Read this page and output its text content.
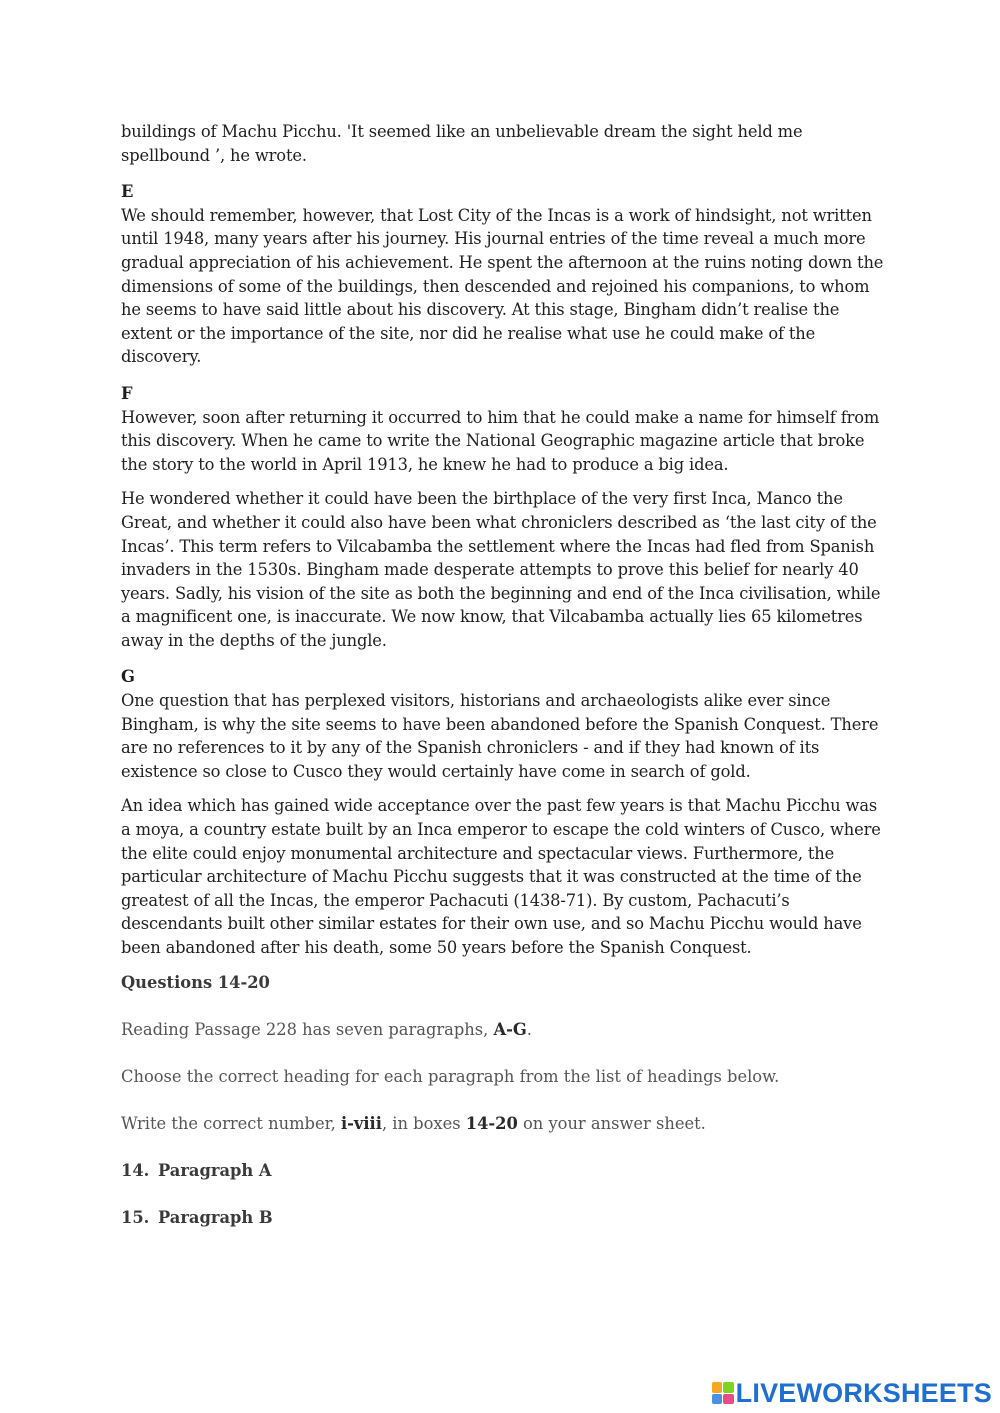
buildings of Machu Picchu. 'It seemed like an unbelievable dream the sight held me spellbound ’, he wrote.

E

We should remember, however, that Lost City of the Incas is a work of hindsight, not written until 1948, many years after his journey. His journal entries of the time reveal a much more gradual appreciation of his achievement. He spent the afternoon at the ruins noting down the dimensions of some of the buildings, then descended and rejoined his companions, to whom he seems to have said little about his discovery. At this stage, Bingham didn’t realise the extent or the importance of the site, nor did he realise what use he could make of the discovery.

F

However, soon after returning it occurred to him that he could make a name for himself from this discovery. When he came to write the National Geographic magazine article that broke the story to the world in April 1913, he knew he had to produce a big idea.

He wondered whether it could have been the birthplace of the very first Inca, Manco the Great, and whether it could also have been what chroniclers described as ‘the last city of the Incas’. This term refers to Vilcabamba the settlement where the Incas had fled from Spanish invaders in the 1530s. Bingham made desperate attempts to prove this belief for nearly 40 years. Sadly, his vision of the site as both the beginning and end of the Inca civilisation, while a magnificent one, is inaccurate. We now know, that Vilcabamba actually lies 65 kilometres away in the depths of the jungle.

G

One question that has perplexed visitors, historians and archaeologists alike ever since Bingham, is why the site seems to have been abandoned before the Spanish Conquest. There are no references to it by any of the Spanish chroniclers - and if they had known of its existence so close to Cusco they would certainly have come in search of gold.

An idea which has gained wide acceptance over the past few years is that Machu Picchu was a moya, a country estate built by an Inca emperor to escape the cold winters of Cusco, where the elite could enjoy monumental architecture and spectacular views. Furthermore, the particular architecture of Machu Picchu suggests that it was constructed at the time of the greatest of all the Incas, the emperor Pachacuti (1438-71). By custom, Pachacuti’s descendants built other similar estates for their own use, and so Machu Picchu would have been abandoned after his death, some 50 years before the Spanish Conquest.

Questions 14-20

Reading Passage 228 has seven paragraphs, A-G.

Choose the correct heading for each paragraph from the list of headings below.

Write the correct number, i-viii, in boxes 14-20 on your answer sheet.

14. Paragraph A

15. Paragraph B

LIVEWORKSHEETS
